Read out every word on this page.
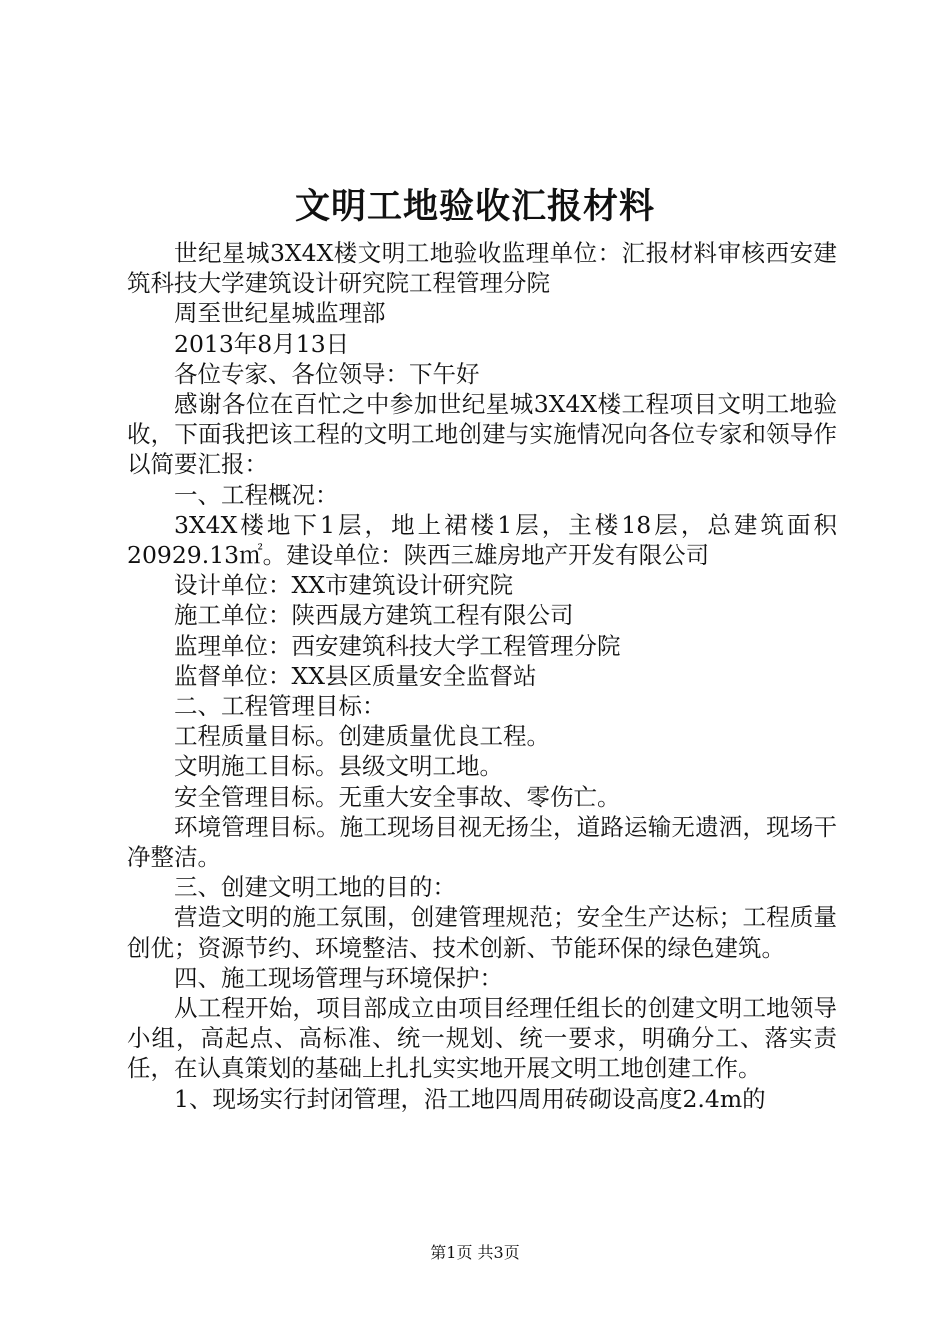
文明工地验收汇报材料

世纪星城3X4X楼文明工地验收监理单位：汇报材料审核西安建筑科技大学建筑设计研究院工程管理分院

周至世纪星城监理部

2013年8月13日

各位专家、各位领导：下午好

感谢各位在百忙之中参加世纪星城3X4X楼工程项目文明工地验收，下面我把该工程的文明工地创建与实施情况向各位专家和领导作以简要汇报：

一、工程概况：

3X4X楼地下1层，地上裙楼1层，主楼18层，总建筑面积20929.13㎡。建设单位：陕西三雄房地产开发有限公司

设计单位：XX市建筑设计研究院

施工单位：陕西晟方建筑工程有限公司

监理单位：西安建筑科技大学工程管理分院

监督单位：XX县区质量安全监督站

二、工程管理目标：

工程质量目标。创建质量优良工程。

文明施工目标。县级文明工地。

安全管理目标。无重大安全事故、零伤亡。

环境管理目标。施工现场目视无扬尘，道路运输无遗洒，现场干净整洁。

三、创建文明工地的目的：

营造文明的施工氛围，创建管理规范；安全生产达标；工程质量创优；资源节约、环境整洁、技术创新、节能环保的绿色建筑。

四、施工现场管理与环境保护：

从工程开始，项目部成立由项目经理任组长的创建文明工地领导小组，高起点、高标准、统一规划、统一要求，明确分工、落实责任，在认真策划的基础上扎扎实实地开展文明工地创建工作。

1、现场实行封闭管理，沿工地四周用砖砌设高度2.4m的

第1页 共3页
